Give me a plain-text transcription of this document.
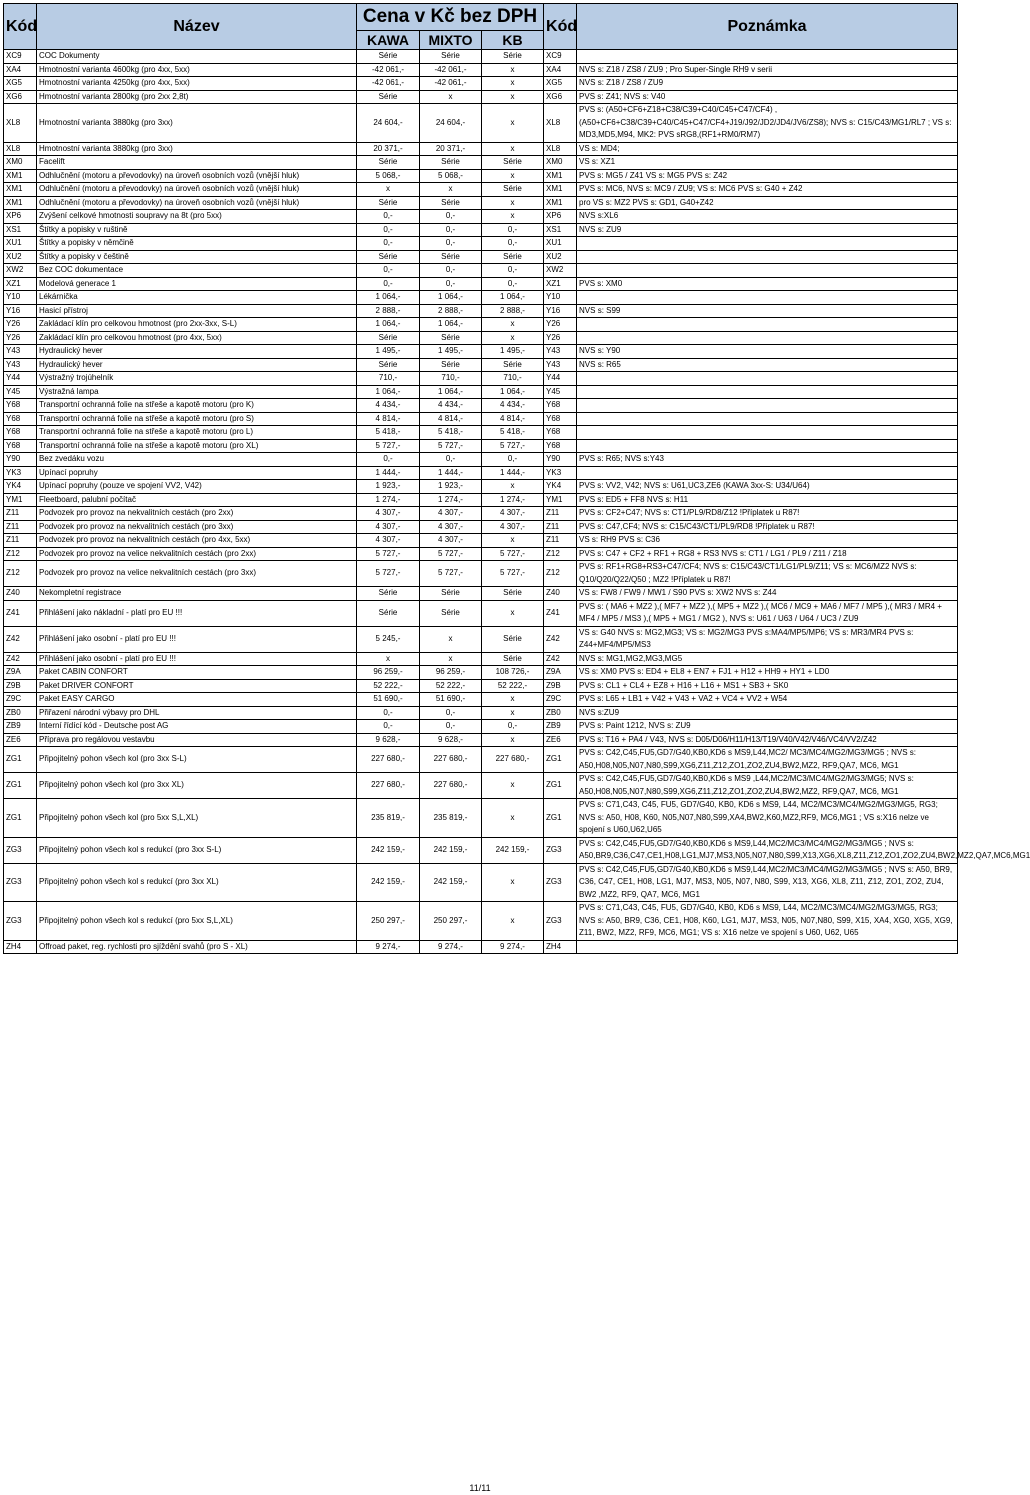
Kód	Název	Cena v Kč bez DPH			Kód	Poznámka
		KAWA	MIXTO	KB		
XC9	COC Dokumenty	Série	Série	Série	XC9	
XA4	Hmotnostní varianta 4600kg (pro 4xx, 5xx)	-42 061,-	-42 061,-	x	XA4	NVS s: Z18 / ZS8 / ZU9 ; Pro Super-Single RH9 v serii
XG5	Hmotnostní varianta 4250kg (pro 4xx, 5xx)	-42 061,-	-42 061,-	x	XG5	NVS s: Z18 / ZS8 / ZU9
XG6	Hmotnostní varianta 2800kg (pro 2xx 2,8t)	Série	x	x	XG6	PVS s: Z41; NVS s: V40
XL8	Hmotnostní varianta 3880kg (pro 3xx)	24 604,-	24 604,-	x	XL8	PVS s: (A50+CF6+Z18+C38/C39+C40/C45+C47/CF4) ,(A50+CF6+C38/C39+C40/C45+C47/CF4+J19/J92/JD2/JD4/JV6/ZS8); NVS s: C15/C43/MG1/RL7 ; VS s: MD3,MD5,M94, MK2: PVS sRG8,(RF1+RM0/RM7)
XL8	Hmotnostní varianta 3880kg (pro 3xx)	20 371,-	20 371,-	x	XL8	VS s: MD4;
XM0	Facelift	Série	Série	Série	XM0	VS s: XZ1
XM1	Odhlučnění (motoru a převodovky) na úroveň osobních vozů (vnější hluk)	5 068,-	5 068,-	x	XM1	PVS s: MG5 / Z41 VS s: MG5 PVS s: Z42
XM1	Odhlučnění (motoru a převodovky) na úroveň osobních vozů (vnější hluk)	x	x	Série	XM1	PVS s: MC6, NVS s: MC9 / ZU9; VS s: MC6 PVS s: G40 + Z42
XM1	Odhlučnění (motoru a převodovky) na úroveň osobních vozů (vnější hluk)	Série	Série	x	XM1	pro VS s: MZ2 PVS s: GD1, G40+Z42
XP6	Zvýšení celkové hmotnosti soupravy na 8t (pro 5xx)	0,-	0,-	x	XP6	NVS s:XL6
XS1	Štítky a popisky v ruštině	0,-	0,-	0,-	XS1	NVS s: ZU9
XU1	Štítky a popisky v němčině	0,-	0,-	0,-	XU1	
XU2	Štítky a popisky v češtině	Série	Série	Série	XU2	
XW2	Bez COC dokumentace	0,-	0,-	0,-	XW2	
XZ1	Modelová generace 1	0,-	0,-	0,-	XZ1	PVS s: XM0
Y10	Lékárnička	1 064,-	1 064,-	1 064,-	Y10	
Y16	Hasicí přístroj	2 888,-	2 888,-	2 888,-	Y16	NVS s: S99
Y26	Zakládací klín pro celkovou hmotnost (pro 2xx-3xx, S-L)	1 064,-	1 064,-	x	Y26	
Y26	Zakládací klín pro celkovou hmotnost (pro 4xx, 5xx)	Série	Série	x	Y26	
Y43	Hydraulický hever	1 495,-	1 495,-	1 495,-	Y43	NVS s: Y90
Y43	Hydraulický hever	Série	Série	Série	Y43	NVS s: R65
Y44	Výstražný trojúhelník	710,-	710,-	710,-	Y44	
Y45	Výstražná lampa	1 064,-	1 064,-	1 064,-	Y45	
Y68	Transportní ochranná folie na střeše a kapotě motoru (pro K)	4 434,-	4 434,-	4 434,-	Y68	
Y68	Transportní ochranná folie na střeše a kapotě motoru (pro S)	4 814,-	4 814,-	4 814,-	Y68	
Y68	Transportní ochranná folie na střeše a kapotě motoru (pro L)	5 418,-	5 418,-	5 418,-	Y68	
Y68	Transportní ochranná folie na střeše a kapotě motoru (pro XL)	5 727,-	5 727,-	5 727,-	Y68	
Y90	Bez zvedáku vozu	0,-	0,-	0,-	Y90	PVS s: R65; NVS s:Y43
YK3	Upínací popruhy	1 444,-	1 444,-	1 444,-	YK3	
YK4	Upínací popruhy (pouze ve spojení VV2, V42)	1 923,-	1 923,-	x	YK4	PVS s: VV2, V42; NVS s: U61,UC3,ZE6 (KAWA 3xx-S: U34/U64)
YM1	Fleetboard, palubní počítač	1 274,-	1 274,-	1 274,-	YM1	PVS s: ED5 + FF8 NVS s: H11
Z11	Podvozek pro provoz na nekvalitních cestách (pro 2xx)	4 307,-	4 307,-	4 307,-	Z11	PVS s: CF2+C47; NVS s: CT1/PL9/RD8/Z12 !Příplatek u R87!
Z11	Podvozek pro provoz na nekvalitních cestách (pro 3xx)	4 307,-	4 307,-	4 307,-	Z11	PVS s: C47,CF4; NVS s: C15/C43/CT1/PL9/RD8 !Příplatek u R87!
Z11	Podvozek pro provoz na nekvalitních cestách (pro 4xx, 5xx)	4 307,-	4 307,-	x	Z11	VS s: RH9 PVS s: C36
Z12	Podvozek pro provoz na velice nekvalitních cestách (pro 2xx)	5 727,-	5 727,-	5 727,-	Z12	PVS s: C47 + CF2 + RF1 + RG8 + RS3 NVS s: CT1 / LG1 / PL9 / Z11 / Z18
Z12	Podvozek pro provoz na velice nekvalitních cestách (pro 3xx)	5 727,-	5 727,-	5 727,-	Z12	PVS s: RF1+RG8+RS3+C47/CF4; NVS s: C15/C43/CT1/LG1/PL9/Z11; VS s: MC6/MZ2 NVS s: Q10/Q20/Q22/Q50 ; MZ2 !Příplatek u R87!
Z40	Nekompletní registrace	Série	Série	Série	Z40	VS s: FW8 / FW9 / MW1 / S90 PVS s: XW2 NVS s: Z44
Z41	Přihlášení jako nákladní - platí pro EU !!!	Série	Série	x	Z41	PVS s: ( MA6 + MZ2 ),( MF7 + MZ2 ),( MP5 + MZ2 ),( MC6 / MC9 + MA6 / MF7 / MP5 ),( MR3 / MR4 + MF4 / MP5 / MS3 ),( MP5 + MG1 / MG2 ), NVS s: U61 / U63 / U64 / UC3 / ZU9
Z42	Přihlášení jako osobní - platí pro EU !!!	5 245,-	x	Série	Z42	VS s: G40 NVS s: MG2,MG3; VS s: MG2/MG3 PVS s:MA4/MP5/MP6; VS s: MR3/MR4 PVS s: Z44+MF4/MP5/MS3
Z42	Přihlášení jako osobní - platí pro EU !!!	x	x	Série	Z42	NVS s: MG1,MG2,MG3,MG5
Z9A	Paket CABIN CONFORT	96 259,-	96 259,-	108 726,-	Z9A	VS s: XM0 PVS s: ED4 + EL8 + EN7 + FJ1 + H12 + HH9 + HY1 + LD0
Z9B	Paket DRIVER CONFORT	52 222,-	52 222,-	52 222,-	Z9B	PVS s: CL1 + CL4 + EZ8 + H16 + L16 + MS1 + SB3 + SK0
Z9C	Paket EASY CARGO	51 690,-	51 690,-	x	Z9C	PVS s: L65 + LB1 + V42 + V43 + VA2 + VC4 + VV2 + W54
ZB0	Přiřazení národní výbavy pro DHL	0,-	0,-	x	ZB0	NVS s:ZU9
ZB9	Interní řídící kód - Deutsche post AG	0,-	0,-	0,-	ZB9	PVS s: Paint 1212, NVS s: ZU9
ZE6	Příprava pro regálovou vestavbu	9 628,-	9 628,-	x	ZE6	PVS s: T16 + PA4 / V43, NVS s: D05/D06/H11/H13/T19/V40/V42/V46/VC4/VV2/Z42
ZG1	Připojitelný pohon všech kol (pro 3xx S-L)	227 680,-	227 680,-	227 680,-	ZG1	PVS s: C42,C45,FU5,GD7/G40,KB0,KD6 s MS9,L44,MC2/ MC3/MC4/MG2/MG3/MG5 ; NVS s: A50,H08,N05,N07,N80,S99,XG6,Z11,Z12,ZO1,ZO2,ZU4,BW2,MZ2, RF9,QA7, MC6, MG1
ZG1	Připojitelný pohon všech kol (pro 3xx XL)	227 680,-	227 680,-	x	ZG1	PVS s: C42,C45,FU5,GD7/G40,KB0,KD6 s MS9 ,L44,MC2/MC3/MC4/MG2/MG3/MG5; NVS s: A50,H08,N05,N07,N80,S99,XG6,Z11,Z12,ZO1,ZO2,ZU4,BW2,MZ2, RF9,QA7, MC6, MG1
ZG1	Připojitelný pohon všech kol (pro 5xx S,L,XL)	235 819,-	235 819,-	x	ZG1	PVS s: C71,C43, C45, FU5, GD7/G40, KB0, KD6 s MS9, L44, MC2/MC3/MC4/MG2/MG3/MG5, RG3; NVS s: A50, H08, K60, N05,N07,N80,S99,XA4,BW2,K60,MZ2,RF9, MC6,MG1 ; VS s:X16 nelze ve spojení s U60,U62,U65
ZG3	Připojitelný pohon všech kol s redukcí (pro 3xx S-L)	242 159,-	242 159,-	242 159,-	ZG3	PVS s: C42,C45,FU5,GD7/G40,KB0,KD6 s MS9,L44,MC2/MC3/MC4/MG2/MG3/MG5 ; NVS s: A50,BR9,C36,C47,CE1,H08,LG1,MJ7,MS3,N05,N07,N80,S99,X13,XG6,XL8,Z11,Z12,ZO1,ZO2,ZU4,BW2,MZ2,QA7,MC6,MG1
ZG3	Připojitelný pohon všech kol s redukcí (pro 3xx XL)	242 159,-	242 159,-	x	ZG3	PVS s: C42,C45,FU5,GD7/G40,KB0,KD6 s MS9,L44,MC2/MC3/MC4/MG2/MG3/MG5 ; NVS s: A50, BR9, C36, C47, CE1, H08, LG1, MJ7, MS3, N05, N07, N80, S99, X13, XG6, XL8, Z11, Z12, ZO1, ZO2, ZU4, BW2 ,MZ2, RF9, QA7, MC6, MG1
ZG3	Připojitelný pohon všech kol s redukcí (pro 5xx S,L,XL)	250 297,-	250 297,-	x	ZG3	PVS s: C71,C43, C45, FU5, GD7/G40, KB0, KD6 s MS9, L44, MC2/MC3/MC4/MG2/MG3/MG5, RG3; NVS s: A50, BR9, C36, CE1, H08, K60, LG1, MJ7, MS3, N05, N07,N80, S99, X15, XA4, XG0, XG5, XG9, Z11, BW2, MZ2, RF9, MC6, MG1; VS s: X16 nelze ve spojení s U60, U62, U65
ZH4	Offroad paket, reg. rychlosti pro sjíždění svahů (pro S - XL)	9 274,-	9 274,-	9 274,-	ZH4	
11/11
